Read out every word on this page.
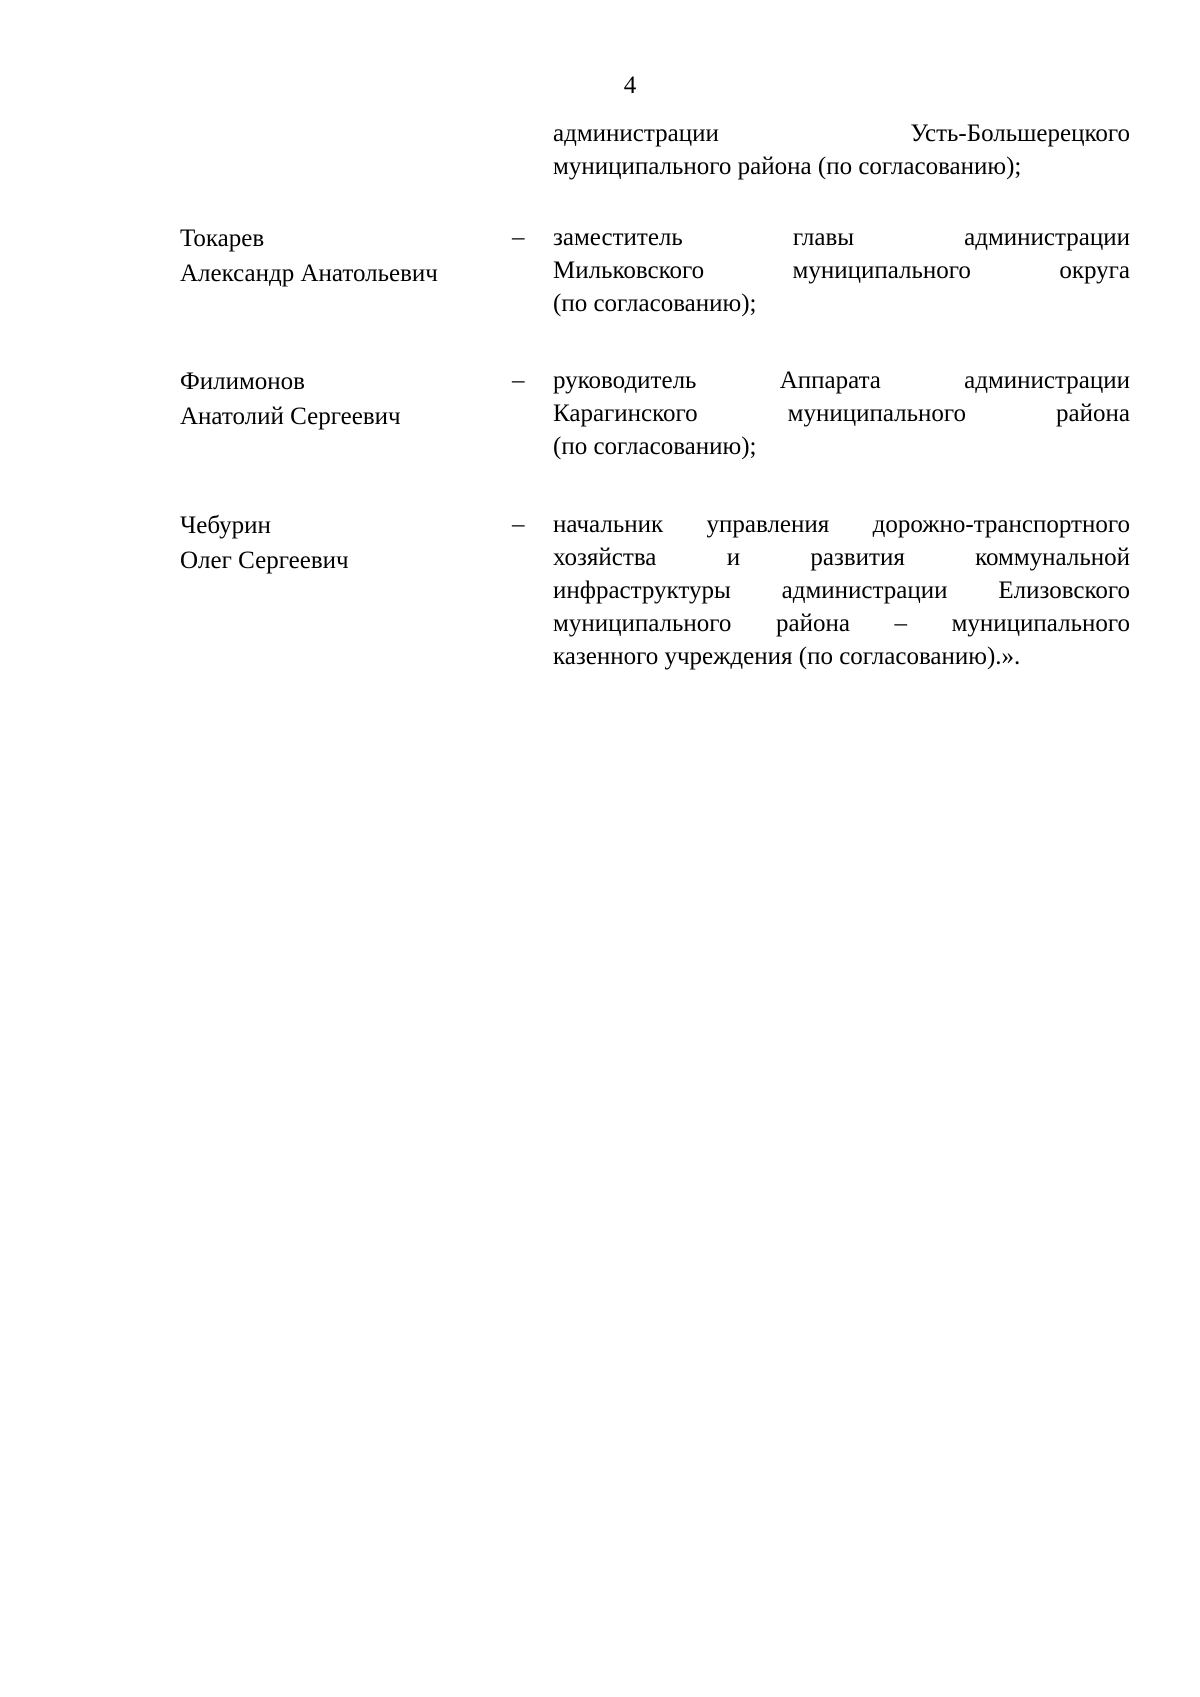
4
администрации Усть-Большерецкого
муниципального района (по согласованию);
Токарев
Александр Анатольевич
– заместитель главы администрации
Мильковского муниципального округа
(по согласованию);
Филимонов
Анатолий Сергеевич
– руководитель Аппарата администрации
Карагинского муниципального района
(по согласованию);
Чебурин
Олег Сергеевич
– начальник управления дорожно-транспортного
хозяйства и развития коммунальной
инфраструктуры администрации Елизовского
муниципального района – муниципального
казенного учреждения (по согласованию).».
